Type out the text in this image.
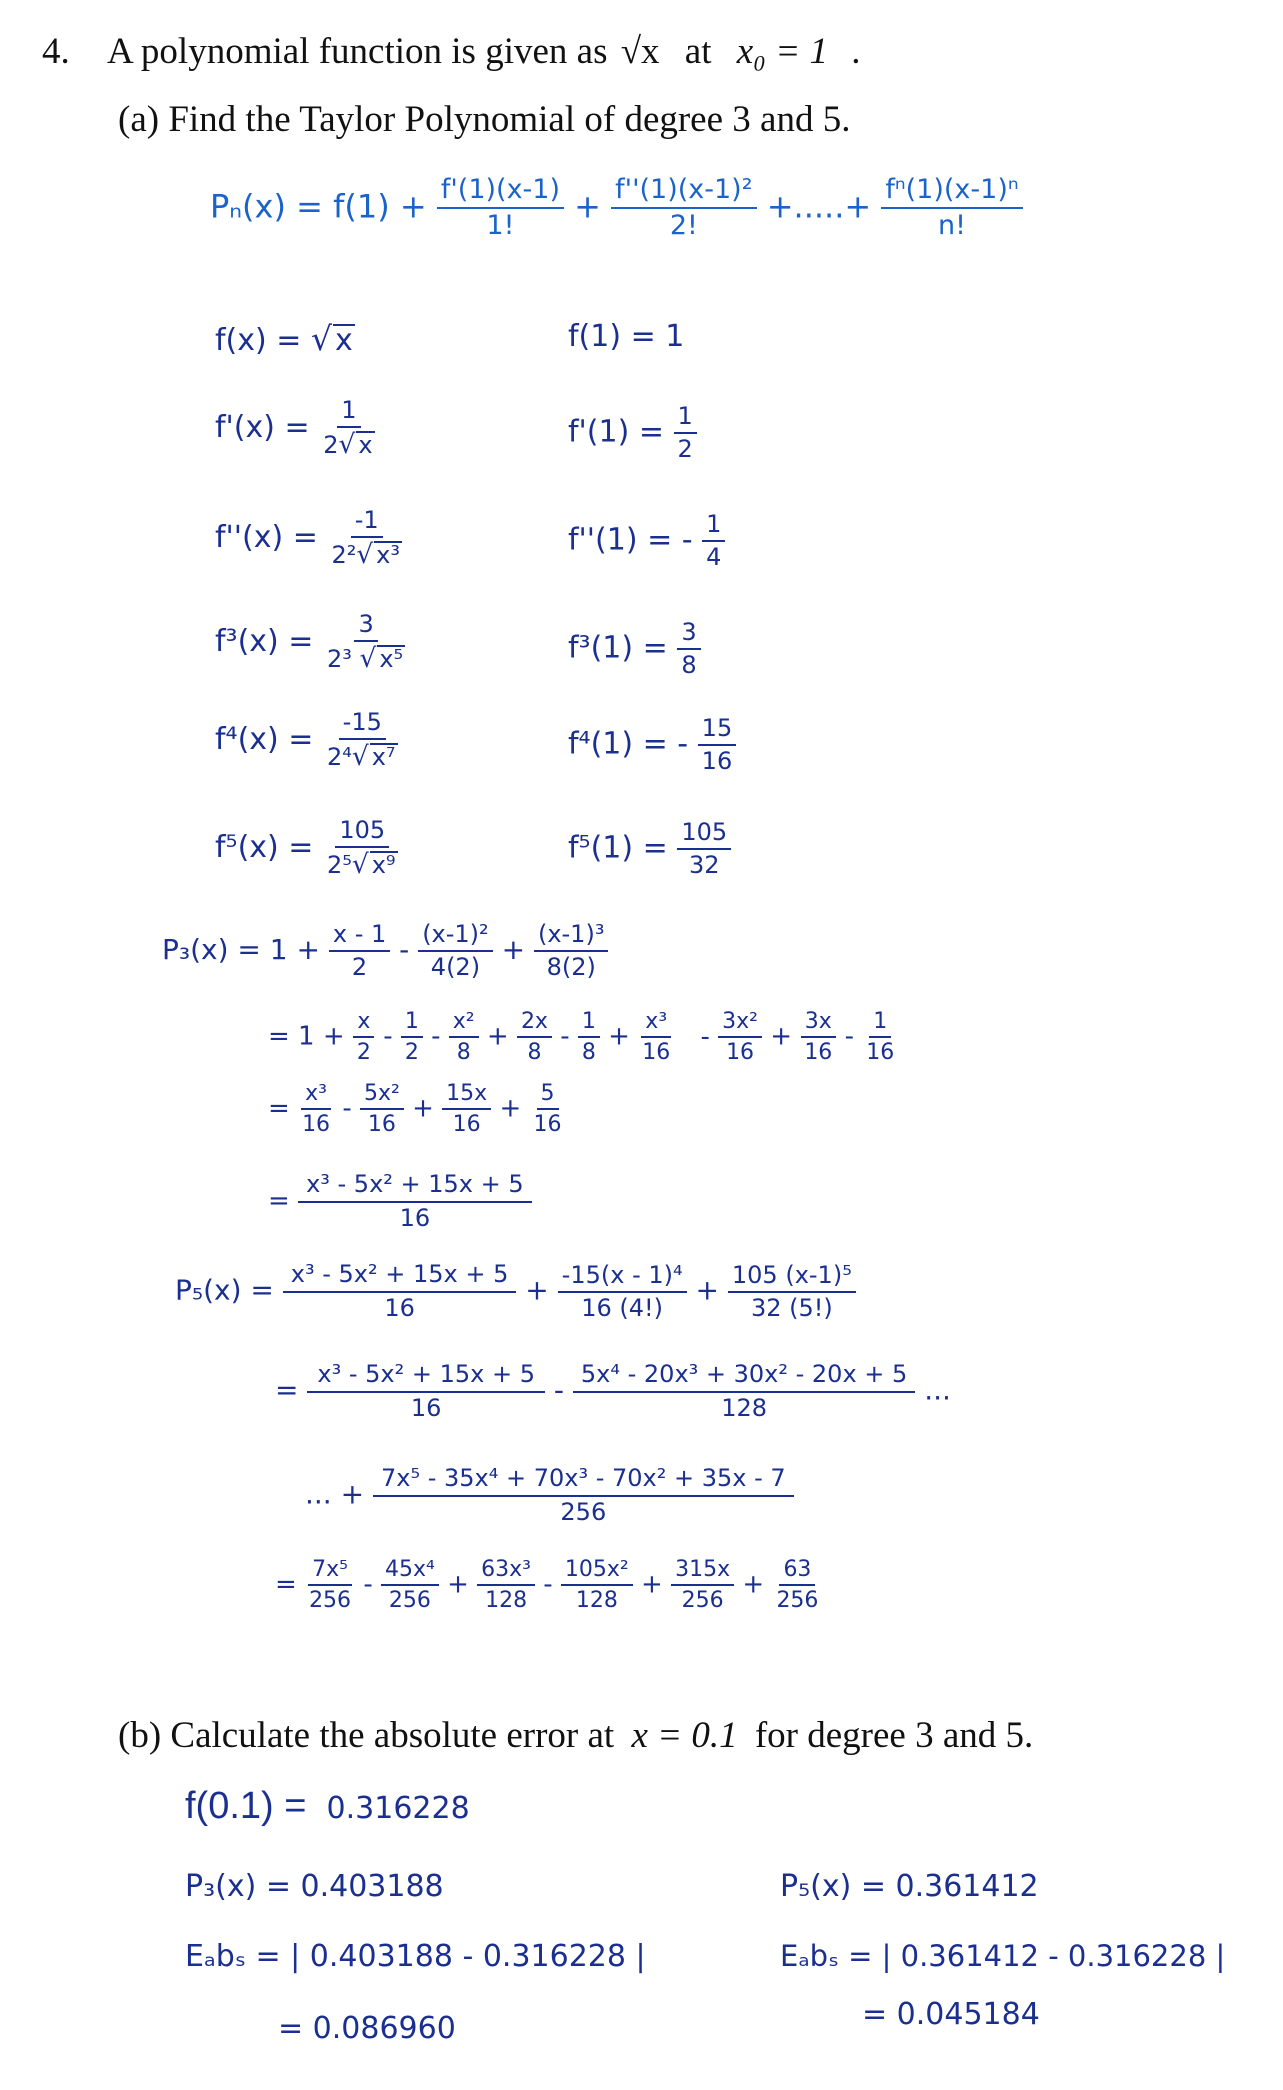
4. A polynomial function is given as √x at x₀ = 1 .
(a) Find the Taylor Polynomial of degree 3 and 5.
$P_n(x) = f(1) + \frac{f'(1)(x-1)}{1!} + \frac{\text{f''(1)(x-1)²}}{2!}$ +.....+ $\frac{\text{fⁿ(1)(x-1)ⁿ}}{n!}$
f(x) = √ x
$f'(x) = \frac{1}{2√ x}$
$f''(x) = \frac{-1}{\text{2²√ x³}}$
$f^3(x) = \frac{3}{\text{2³ √ x⁵}}$
$f^4(x) = \frac{-15}{\text{2⁴√ x⁷}}$
$f^5(x) = \frac{105}{\text{2⁵√ x⁹}}$
f(1) = 1
$f'(1) = \frac{1}{2}$
f''(1) = - $\frac{1}{4}$
$f^3(1) = \frac{3}{8}$
f⁴(1) = - $\frac{15}{16}$
$f^5(1) = \frac{105}{32}$
$P_3(x) = 1 + \frac{x - 1}{2} - \frac{\text{(x-1)²}}{4(2)} + \frac{\text{(x-1)³}}{8(2)}$
= $1 + \frac{x}{2} - \frac{1}{2} - \frac{\text{x²}}{8} + \frac{2x}{8} - \frac{1}{8} + \frac{\text{x³}}{16} - \frac{\text{3x²}}{16} + \frac{3x}{16} - \frac{1}{16}$
= $\frac{\text{x³}}{16} - \frac{\text{5x²}}{16} + \frac{15x}{16} + \frac{5}{16}$
= $\frac{\text{x³ - 5x² + 15x + 5}}{16}$
$P_5(x) = \frac{\text{x³ - 5x² + 15x + 5}}{16} + \frac{\text{-15(x - 1)⁴}}{16 (4!)} + \frac{\text{105 (x-1)⁵}}{32 (5!)}$
= $\frac{\text{x³ - 5x² + 15x + 5}}{16} - \frac{\text{5x⁴ - 20x³ + 30x² - 20x + 5}}{128}$ ...
... + $\frac{\text{7x⁵ - 35x⁴ + 70x³ - 70x² + 35x - 7}}{256}$
= $\frac{\text{7x⁵}}{256} - \frac{\text{45x⁴}}{256} + \frac{\text{63x³}}{128} - \frac{\text{105x²}}{128} + \frac{315x}{256} + \frac{63}{256}$
(b) Calculate the absolute error at x = 0.1 for degree 3 and 5.
f(0.1) = 0.316228
P₃(x) = 0.403188
Eₐbₛ = | 0.403188 - 0.316228 |
= 0.086960
P₅(x) = 0.361412
Eₐbₛ = | 0.361412 - 0.316228 |
= 0.045184
